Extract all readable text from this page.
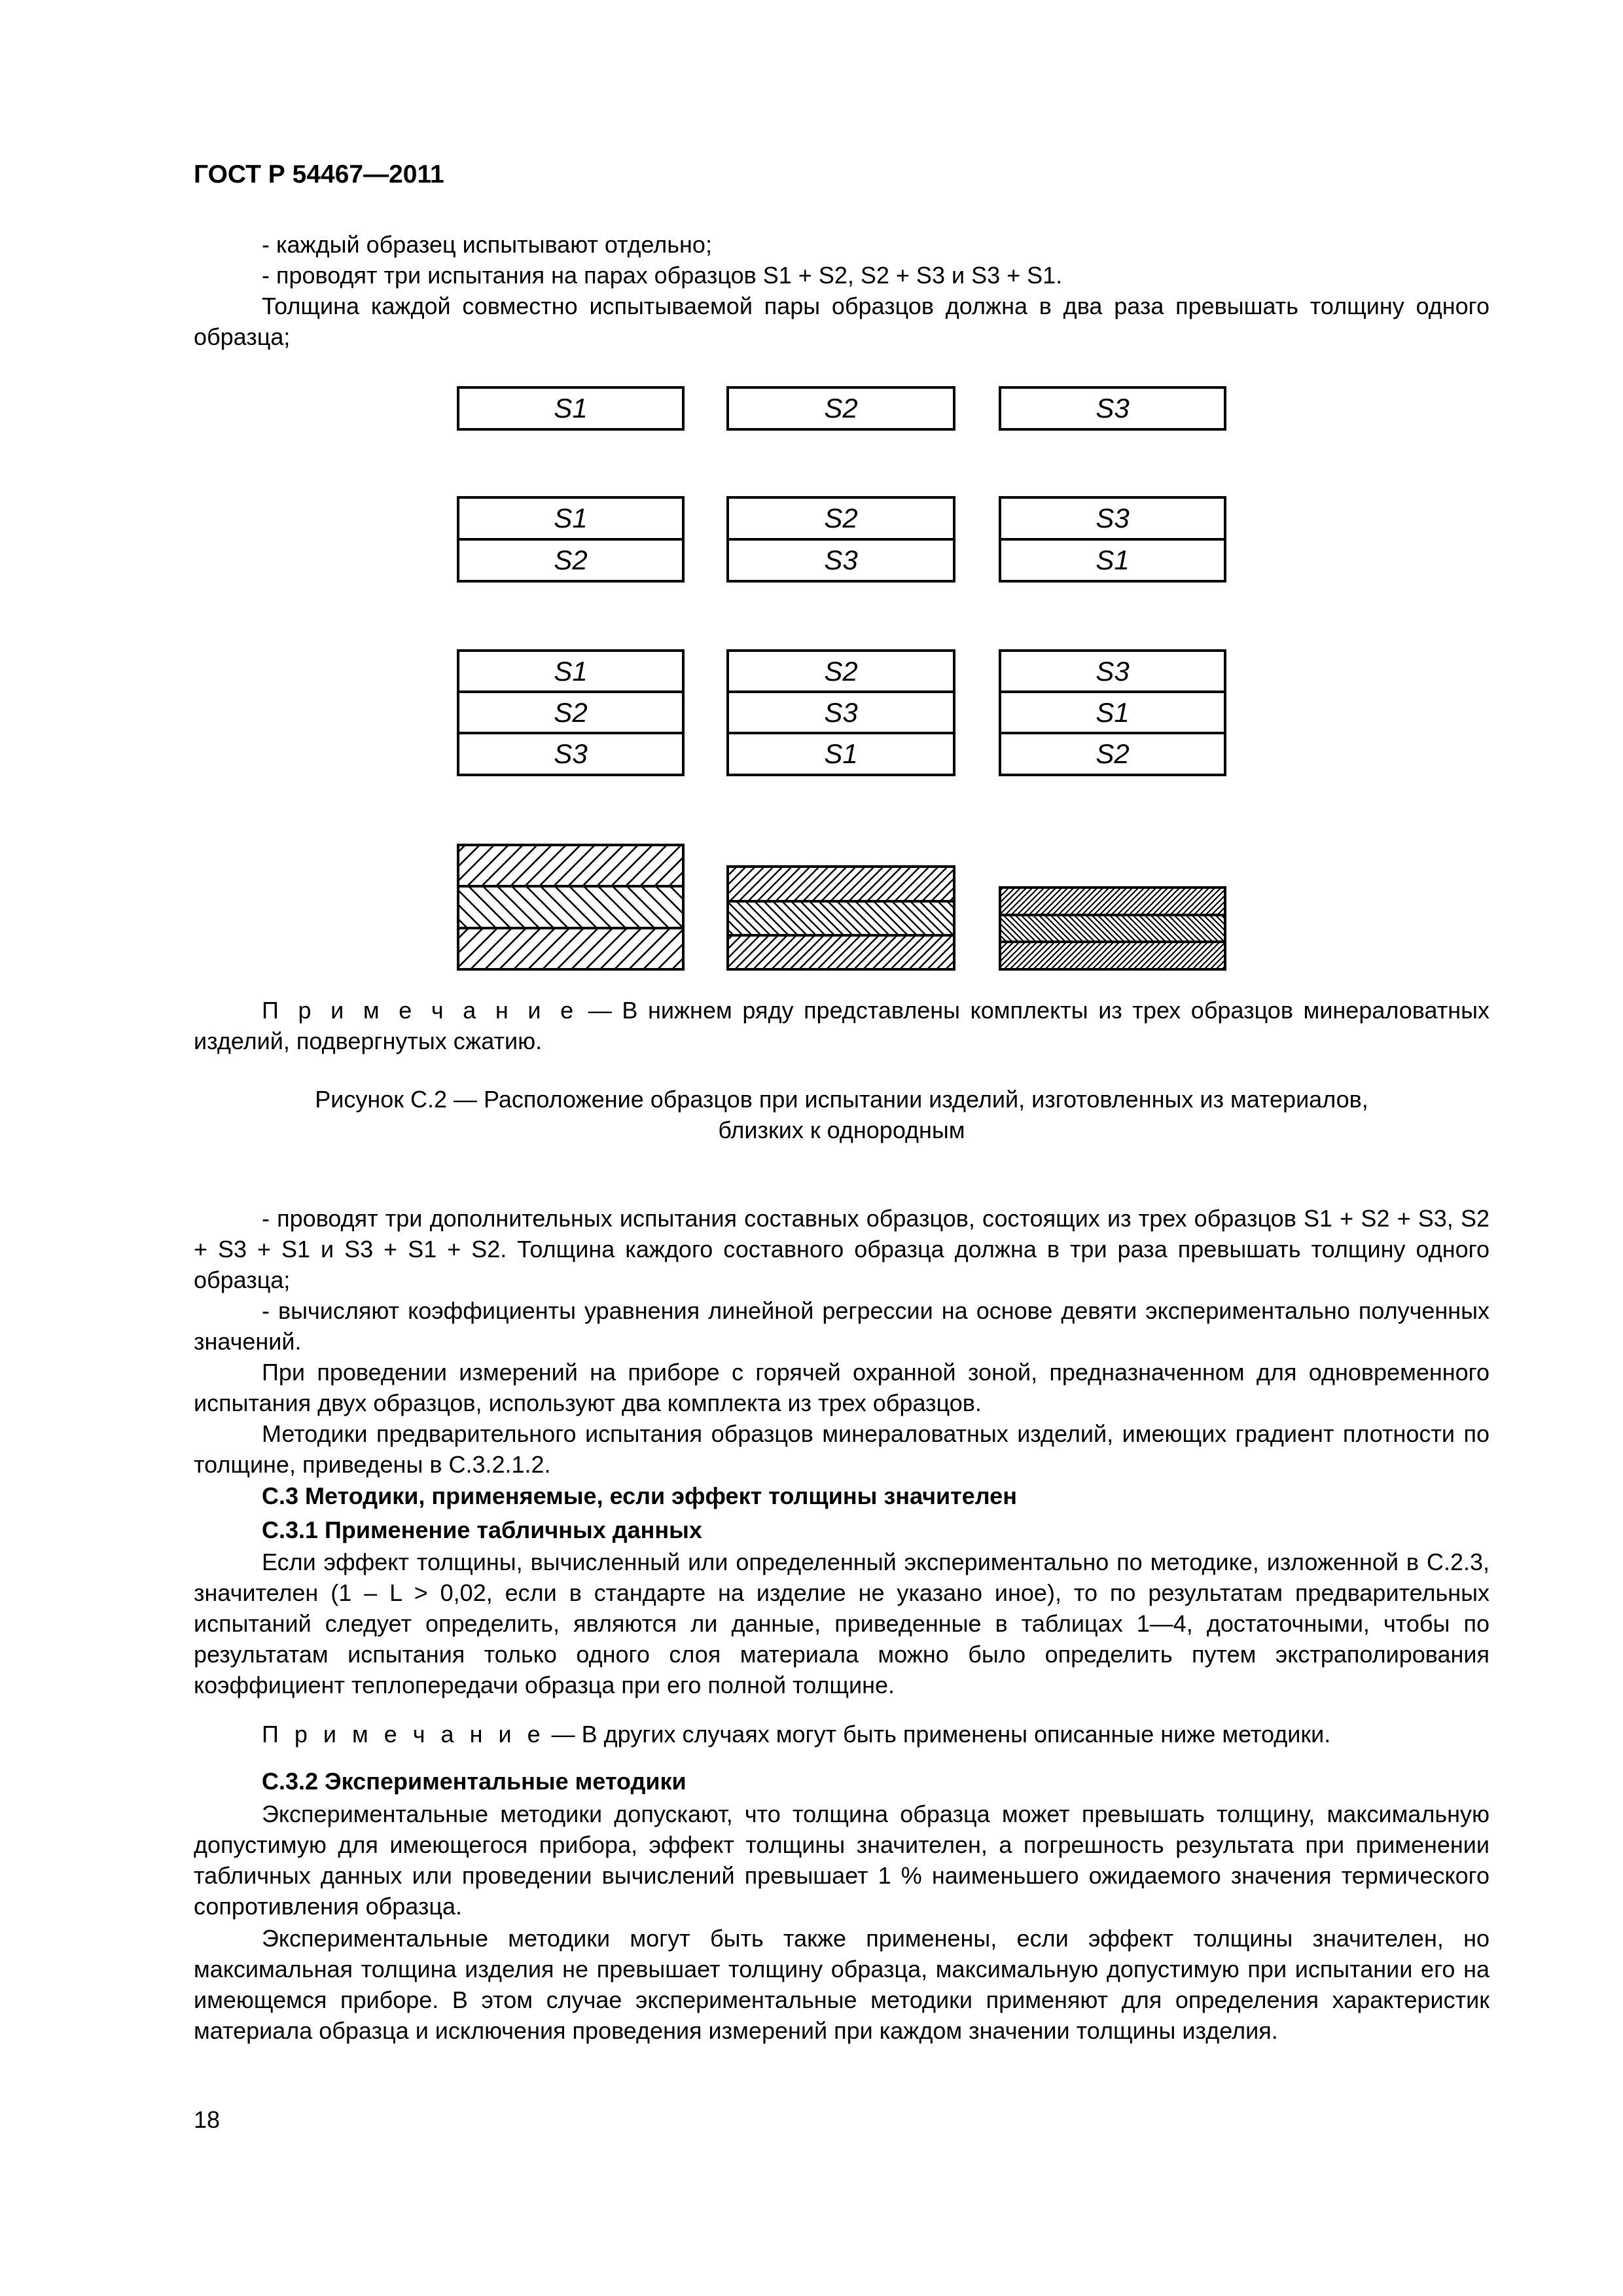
ГОСТ Р 54467—2011
- каждый образец испытывают отдельно;
- проводят три испытания на парах образцов S1 + S2, S2 + S3 и S3 + S1.
Толщина каждой совместно испытываемой пары образцов должна в два раза превышать толщину одного образца;
S1	S2	S3
S1
S2
S2
S3
S3
S1
S1
S2
S3
S2
S3
S1
S3
S1
S2
П р и м е ч а н и е — В нижнем ряду представлены комплекты из трех образцов минераловатных изделий, подвергнутых сжатию.
Рисунок С.2 — Расположение образцов при испытании изделий, изготовленных из материалов,
близких к однородным
- проводят три дополнительных испытания составных образцов, состоящих из трех образцов S1 + S2 + S3, S2 + S3 + S1 и S3 + S1 + S2. Толщина каждого составного образца должна в три раза превышать толщину одного образца;
- вычисляют коэффициенты уравнения линейной регрессии на основе девяти экспериментально полученных значений.
При проведении измерений на приборе с горячей охранной зоной, предназначенном для одновременного испытания двух образцов, используют два комплекта из трех образцов.
Методики предварительного испытания образцов минераловатных изделий, имеющих градиент плотности по толщине, приведены в С.3.2.1.2.
С.3 Методики, применяемые, если эффект толщины значителен
С.3.1 Применение табличных данных
Если эффект толщины, вычисленный или определенный экспериментально по методике, изложенной в С.2.3, значителен (1 – L > 0,02, если в стандарте на изделие не указано иное), то по результатам предварительных испытаний следует определить, являются ли данные, приведенные в таблицах 1—4, достаточными, чтобы по результатам испытания только одного слоя материала можно было определить путем экстраполирования коэффициент теплопередачи образца при его полной толщине.
П р и м е ч а н и е — В других случаях могут быть применены описанные ниже методики.
С.3.2 Экспериментальные методики
Экспериментальные методики допускают, что толщина образца может превышать толщину, максимальную допустимую для имеющегося прибора, эффект толщины значителен, а погрешность результата при применении табличных данных или проведении вычислений превышает 1 % наименьшего ожидаемого значения термического сопротивления образца.
Экспериментальные методики могут быть также применены, если эффект толщины значителен, но максимальная толщина изделия не превышает толщину образца, максимальную допустимую при испытании его на имеющемся приборе. В этом случае экспериментальные методики применяют для определения характеристик материала образца и исключения проведения измерений при каждом значении толщины изделия.
18
